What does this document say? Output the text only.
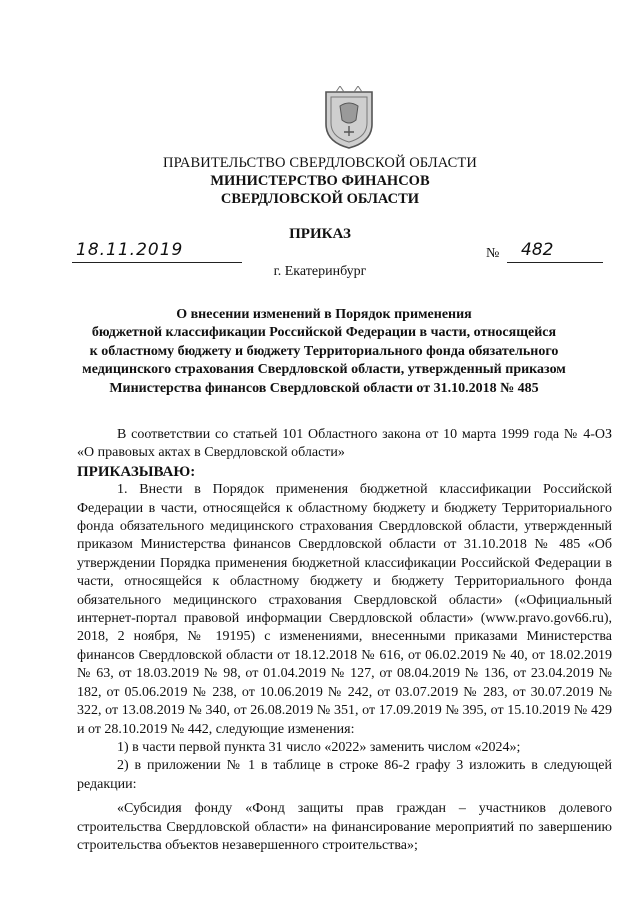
ПРАВИТЕЛЬСТВО СВЕРДЛОВСКОЙ ОБЛАСТИ
МИНИСТЕРСТВО ФИНАНСОВ
СВЕРДЛОВСКОЙ ОБЛАСТИ
ПРИКАЗ
18.11.2019	№	482
г. Екатеринбург
О внесении изменений в Порядок применения
бюджетной классификации Российской Федерации в части, относящейся
к областному бюджету и бюджету Территориального фонда обязательного
медицинского страхования Свердловской области, утвержденный приказом
Министерства финансов Свердловской области от 31.10.2018 № 485

В соответствии со статьей 101 Областного закона от 10 марта 1999 года № 4-ОЗ «О правовых актах в Свердловской области»

ПРИКАЗЫВАЮ:

1. Внести в Порядок применения бюджетной классификации Российской Федерации в части, относящейся к областному бюджету и бюджету Территориального фонда обязательного медицинского страхования Свердловской области, утвержденный приказом Министерства финансов Свердловской области от 31.10.2018 № 485 «Об утверждении Порядка применения бюджетной классификации Российской Федерации в части, относящейся к областному бюджету и бюджету Территориального фонда обязательного медицинского страхования Свердловской области» («Официальный интернет-портал правовой информации Свердловской области» (www.pravo.gov66.ru), 2018, 2 ноября, № 19195) с изменениями, внесенными приказами Министерства финансов Свердловской области от 18.12.2018 № 616, от 06.02.2019 № 40, от 18.02.2019 № 63, от 18.03.2019 № 98, от 01.04.2019 № 127, от 08.04.2019 № 136, от 23.04.2019 № 182, от 05.06.2019 № 238, от 10.06.2019 № 242, от 03.07.2019 № 283, от 30.07.2019 № 322, от 13.08.2019 № 340, от 26.08.2019 № 351, от 17.09.2019 № 395, от 15.10.2019 № 429 и от 28.10.2019 № 442, следующие изменения:

1) в части первой пункта 31 число «2022» заменить числом «2024»;

2) в приложении № 1 в таблице в строке 86-2 графу 3 изложить в следующей редакции:

«Субсидия фонду «Фонд защиты прав граждан – участников долевого строительства Свердловской области» на финансирование мероприятий по завершению строительства объектов незавершенного строительства»;
